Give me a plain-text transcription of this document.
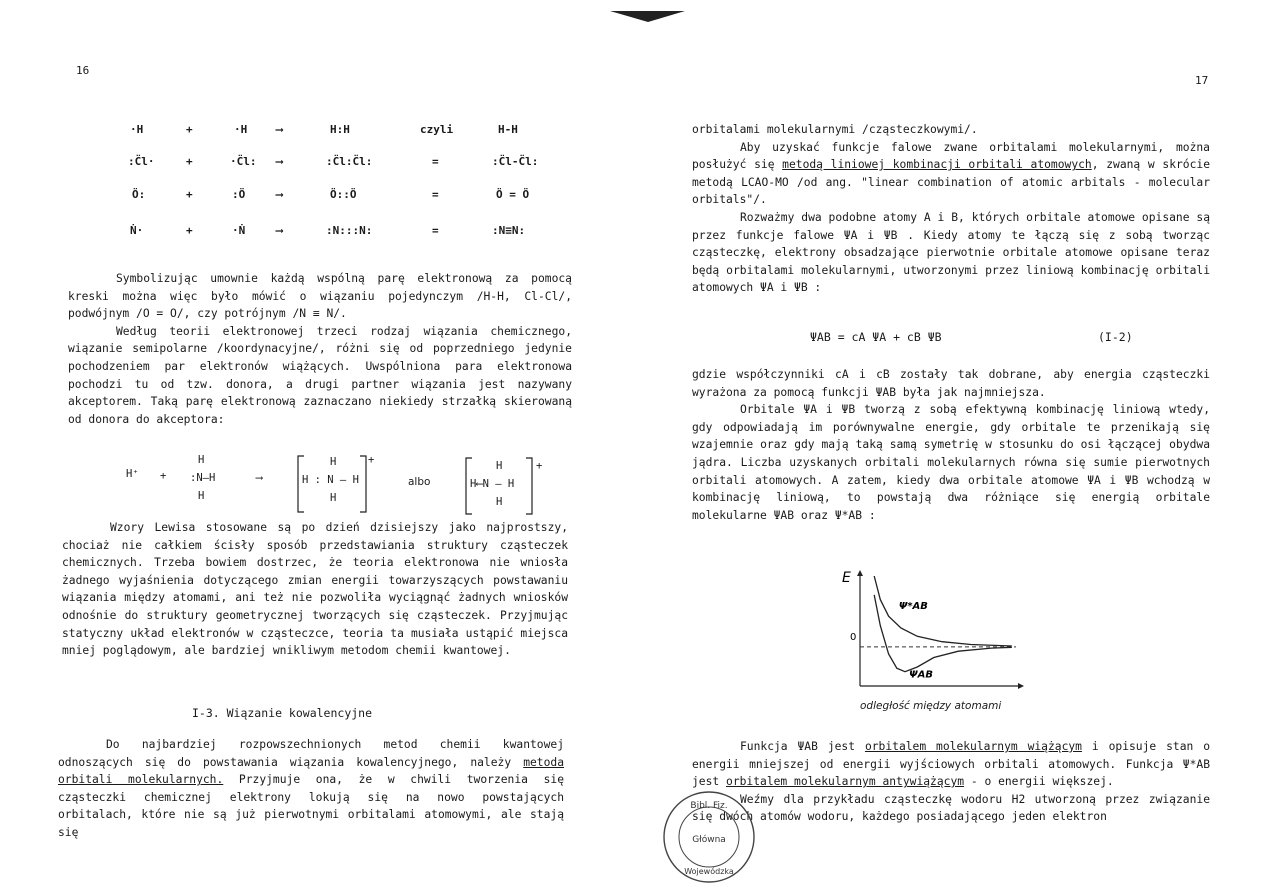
16
·H	+	·H	⟶	H:H	czyli	H-H
:C̈l·	+	·C̈l: ⟶	:C̈l:C̈l:	=	:C̈l-C̈l:
Ö:	+	:Ö	⟶	Ö::Ö	=	Ö = Ö
Ṅ·	+	·Ṅ	⟶	:N:::N:	=	:N≡N:

Symbolizując umownie każdą wspólną parę elektronową za pomocą kreski można więc było mówić o wiązaniu pojedynczym /H-H, Cl-Cl/, podwójnym /O = O/, czy potrójnym /N ≡ N/.

Według teorii elektronowej trzeci rodzaj wiązania chemicznego, wiązanie semipolarne /koordynacyjne/, różni się od poprzedniego jedynie pochodzeniem par elektronów wiążących. Uwspólniona para elektronowa pochodzi tu od tzw. donora, a drugi partner wiązania jest nazywany akceptorem. Taką parę elektronową zaznaczano niekiedy strzałką skierowaną od donora do akceptora:

H⁺ +
H
:N—H
H
⟶
H
H : N — H
H
+
albo
H
H⟵N — H
H
+

Wzory Lewisa stosowane są po dzień dzisiejszy jako najprostszy, chociaż nie całkiem ścisły sposób przedstawiania struktury cząsteczek chemicznych. Trzeba bowiem dostrzec, że teoria elektronowa nie wniosła żadnego wyjaśnienia dotyczącego zmian energii towarzyszących powstawaniu wiązania między atomami, ani też nie pozwoliła wyciągnąć żadnych wniosków odnośnie do struktury geometrycznej tworzących się cząsteczek. Przyjmując statyczny układ elektronów w cząsteczce, teoria ta musiała ustąpić miejsca mniej poglądowym, ale bardziej wnikliwym metodom chemii kwantowej.

I-3. Wiązanie kowalencyjne

Do najbardziej rozpowszechnionych metod chemii kwantowej odnoszących się do powstawania wiązania kowalencyjnego, należy metoda orbitali molekularnych. Przyjmuje ona, że w chwili tworzenia się cząsteczki chemicznej elektrony lokują się na nowo powstających orbitalach, które nie są już pierwotnymi orbitalami atomowymi, ale stają się

17

orbitalami molekularnymi /cząsteczkowymi/.

Aby uzyskać funkcje falowe zwane orbitalami molekularnymi, można posłużyć się metodą liniowej kombinacji orbitali atomowych, zwaną w skrócie metodą LCAO-MO /od ang. "linear combination of atomic arbitals - molecular orbitals"/.

Rozważmy dwa podobne atomy A i B, których orbitale atomowe opisane są przez funkcje falowe ΨA i ΨB . Kiedy atomy te łączą się z sobą tworząc cząsteczkę, elektrony obsadzające pierwotnie orbitale atomowe opisane teraz będą orbitalami molekularnymi, utworzonymi przez liniową kombinację orbitali atomowych ΨA i ΨB :

ΨAB = cA ΨA + cB ΨB	(I-2)

gdzie współczynniki cA i cB zostały tak dobrane, aby energia cząsteczki wyrażona za pomocą funkcji ΨAB była jak najmniejsza.

Orbitale ΨA i ΨB tworzą z sobą efektywną kombinację liniową wtedy, gdy odpowiadają im porównywalne energie, gdy orbitale te przenikają się wzajemnie oraz gdy mają taką samą symetrię w stosunku do osi łączącej obydwa jądra. Liczba uzyskanych orbitali molekularnych równa się sumie pierwotnych orbitali atomowych. A zatem, kiedy dwa orbitale atomowe ΨA i ΨB wchodzą w kombinację liniową, to powstają dwa różniące się energią orbitale molekularne ΨAB oraz Ψ*AB :

odległość między atomami

Funkcja ΨAB jest orbitalem molekularnym wiążącym i opisuje stan o energii mniejszej od energii wyjściowych orbitali atomowych. Funkcja Ψ*AB jest orbitalem molekularnym antywiążącym - o energii większej.

Weźmy dla przykładu cząsteczkę wodoru H2 utworzoną przez związanie się dwóch atomów wodoru, każdego posiadającego jeden elektron

E
0
Ψ*AB
ΨAB
Bibl. Fiz.
Główna
Wojewódzka
